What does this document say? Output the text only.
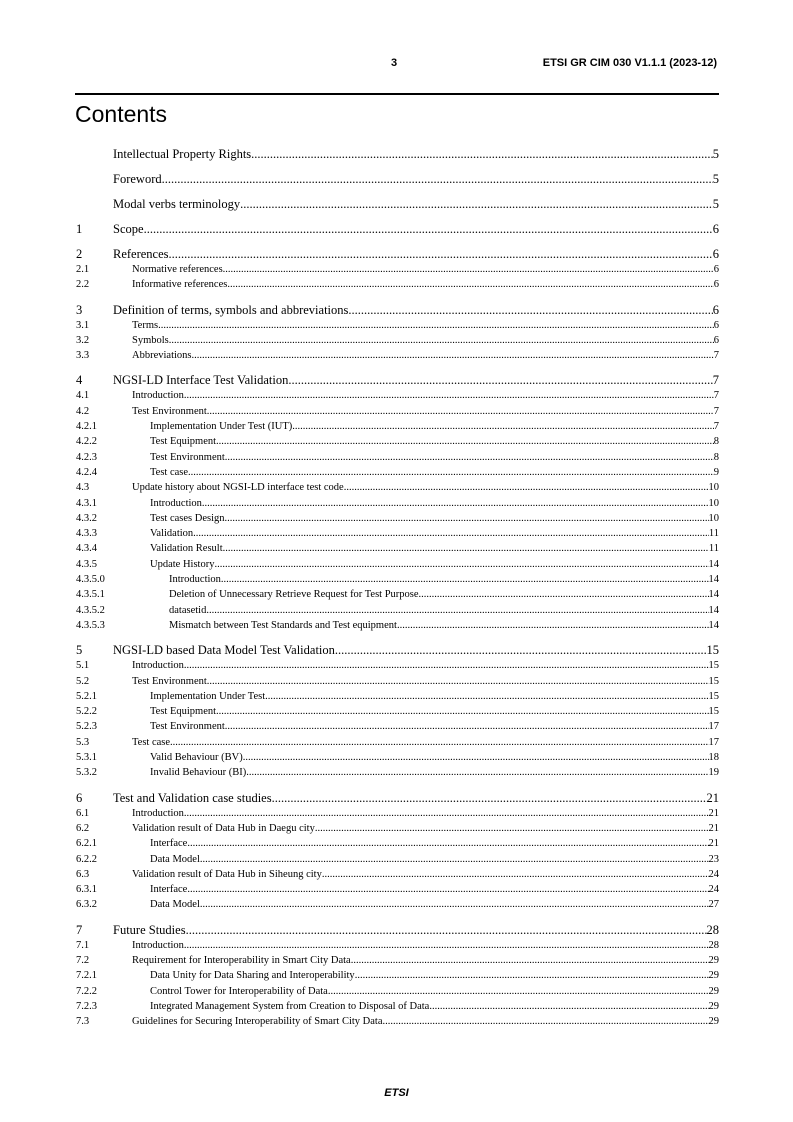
3	ETSI GR CIM 030 V1.1.1 (2023-12)
Contents
Intellectual Property Rights .....	5
Foreword .....	5
Modal verbs terminology .....	5
1	Scope .....	6
2	References .....	6
2.1	Normative references .....	6
2.2	Informative references .....	6
3	Definition of terms, symbols and abbreviations .....	6
3.1	Terms .....	6
3.2	Symbols .....	6
3.3	Abbreviations .....	7
4	NGSI-LD Interface Test Validation .....	7
4.1	Introduction .....	7
4.2	Test Environment .....	7
4.2.1	Implementation Under Test (IUT) .....	7
4.2.2	Test Equipment .....	8
4.2.3	Test Environment .....	8
4.2.4	Test case .....	9
4.3	Update history about NGSI-LD interface test code .....	10
4.3.1	Introduction .....	10
4.3.2	Test cases Design .....	10
4.3.3	Validation .....	11
4.3.4	Validation Result .....	11
4.3.5	Update History .....	14
4.3.5.0	Introduction .....	14
4.3.5.1	Deletion of Unnecessary Retrieve Request for Test Purpose .....	14
4.3.5.2	datasetid .....	14
4.3.5.3	Mismatch between Test Standards and Test equipment .....	14
5	NGSI-LD based Data Model Test Validation .....	15
5.1	Introduction .....	15
5.2	Test Environment .....	15
5.2.1	Implementation Under Test .....	15
5.2.2	Test Equipment .....	15
5.2.3	Test Environment .....	17
5.3	Test case .....	17
5.3.1	Valid Behaviour (BV) .....	18
5.3.2	Invalid Behaviour (BI) .....	19
6	Test and Validation case studies .....	21
6.1	Introduction .....	21
6.2	Validation result of Data Hub in Daegu city .....	21
6.2.1	Interface .....	21
6.2.2	Data Model .....	23
6.3	Validation result of Data Hub in Siheung city .....	24
6.3.1	Interface .....	24
6.3.2	Data Model .....	27
7	Future Studies .....	28
7.1	Introduction .....	28
7.2	Requirement for Interoperability in Smart City Data .....	29
7.2.1	Data Unity for Data Sharing and Interoperability .....	29
7.2.2	Control Tower for Interoperability of Data .....	29
7.2.3	Integrated Management System from Creation to Disposal of Data .....	29
7.3	Guidelines for Securing Interoperability of Smart City Data .....	29
ETSI
